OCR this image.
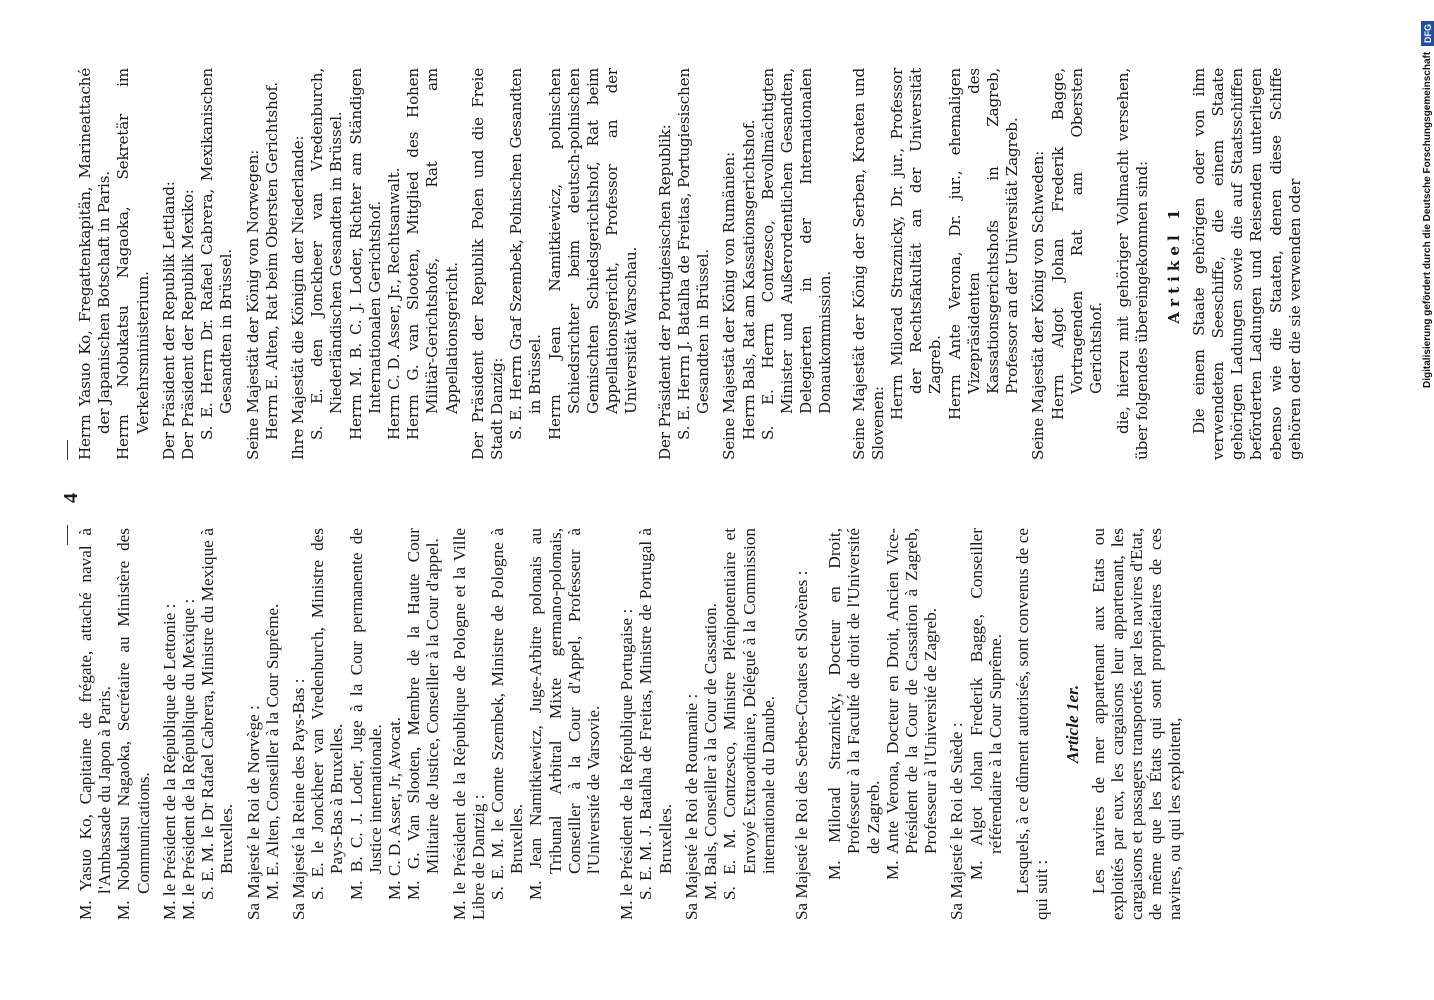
4

M. Yasuo Ko, Capitaine de frégate, attaché naval à l'Ambassade du Japon à Paris. M. Nobukatsu Nagaoka, Secrétaire au Ministère des Communications. M. le Président de la République de Lettonie : M. le Président de la République du Mexique : S. E. M. le Dr Rafael Cabrera, Ministre du Mexique à Bruxelles. Sa Majesté le Roi de Norvège : M. E. Alten, Conseiller à la Cour Suprême. Sa Majesté la Reine des Pays-Bas : S. E. le Jonckheer van Vredenburch, Ministre des Pays-Bas à Bruxelles. M. B. C. J. Loder, Juge à la Cour permanente de Justice internationale. M. C. D. Asser, Jr, Avocat. M. G. Van Slooten, Membre de la Haute Cour Militaire de Justice, Conseiller à la Cour d'appel. M. le Président de la République de Pologne et la Ville Libre de Dantzig : S. E. M. le Comte Szembek, Ministre de Pologne à Bruxelles. M. Jean Namitkiewicz, Juge-Arbitre polonais au Tribunal Arbitral Mixte germano-polonais, Conseiller à la Cour d'Appel, Professeur à l'Université de Varsovie. M. le Président de la République Portugaise : S. E. M. J. Batalha de Freitas, Ministre de Portugal à Bruxelles. Sa Majesté le Roi de Roumanie : M. Bals, Conseiller à la Cour de Cassation. S. E. M. Contzesco, Ministre Plénipotentiaire et Envoyé Extraordinaire, Délégué à la Commission internationale du Danube. Sa Majesté le Roi des Serbes-Croates et Slovènes : M. Milorad Straznicky, Docteur en Droit, Professeur à la Faculté de droit de l'Université de Zagreb. M. Ante Verona, Docteur en Droit, Ancien Vice-Président de la Cour de Cassation à Zagreb, Professeur à l'Université de Zagreb. Sa Majesté le Roi de Suède : M. Algot Johan Frederik Bagge, Conseiller référendaire à la Cour Suprême. Lesquels, à ce dûment autorisés, sont convenus de ce qui suit :

Article 1er. Les navires de mer appartenant aux Etats ou exploités par eux, les cargaisons leur appartenant, les cargaisons et passagers transportés par les navires d'Etat, de même que les États qui sont propriétaires de ces navires, ou qui les exploitent,

Herrn Yasuo Ko, Fregattenkapitän, Marineattaché der Japanischen Botschaft in Paris. Herrn Nobukatsu Nagaoka, Sekretär im Verkehrsministerium. Der Präsident der Republik Lettland: Der Präsident der Republik Mexiko: S. E. Herrn Dr. Rafael Cabrera, Mexikanischen Gesandten in Brüssel. Seine Majestät der König von Norwegen: Herrn E. Alten, Rat beim Obersten Gerichtshof. Ihre Majestät die Königin der Niederlande: S. E. den Jonckheer van Vredenburch, Niederländischen Gesandten in Brüssel. Herrn M. B. C. J. Loder, Richter am Ständigen Internationalen Gerichtshof. Herrn C. D. Asser, Jr., Rechtsanwalt. Herrn G. van Slooten, Mitglied des Hohen Militär-Gerichtshofs, Rat am Appellationsgericht. Der Präsident der Republik Polen und die Freie Stadt Danzig: S. E. Herrn Graf Szembek, Polnischen Gesandten in Brüssel. Herrn Jean Namitkiewicz, polnischen Schiedsrichter beim deutsch-polnischen Gemischten Schiedsgerichtshof, Rat beim Appellationsgericht, Professor an der Universität Warschau. Der Präsident der Portugiesischen Republik: S. E. Herrn J. Batalha de Freitas, Portugiesischen Gesandten in Brüssel. Seine Majestät der König von Rumänien: Herrn Bals, Rat am Kassationsgerichtshof. S. E. Herrn Contzesco, Bevollmächtigten Minister und Außerordentlichen Gesandten, Delegierten in der Internationalen Donaukommission. Seine Majestät der König der Serben, Kroaten und Slovenen:

Herrn Milorad Straznicky, Dr. jur., Professor der Rechtsfakultät an der Universität Zagreb. Herrn Ante Verona, Dr. jur., ehemaligen Vizepräsidenten des Kassationsgerichtshofs in Zagreb, Professor an der Universität Zagreb. Seine Majestät der König von Schweden: Herrn Algot Johan Frederik Bagge, Vortragenden Rat am Obersten Gerichtshof. die, hierzu mit gehöriger Vollmacht versehen, über folgendes übereingekommen sind: Artikel 1 Die einem Staate gehörigen oder von ihm verwendeten Seeschiffe, die einem Staate gehörigen Ladungen sowie die auf Staatsschiffen beförderten Ladungen und Reisenden unterliegen ebenso wie die Staaten, denen diese Schiffe gehören oder die sie verwenden oder	Digitalisierung gefördert durch die Deutsche Forschungsgemeinschaft
DFG
